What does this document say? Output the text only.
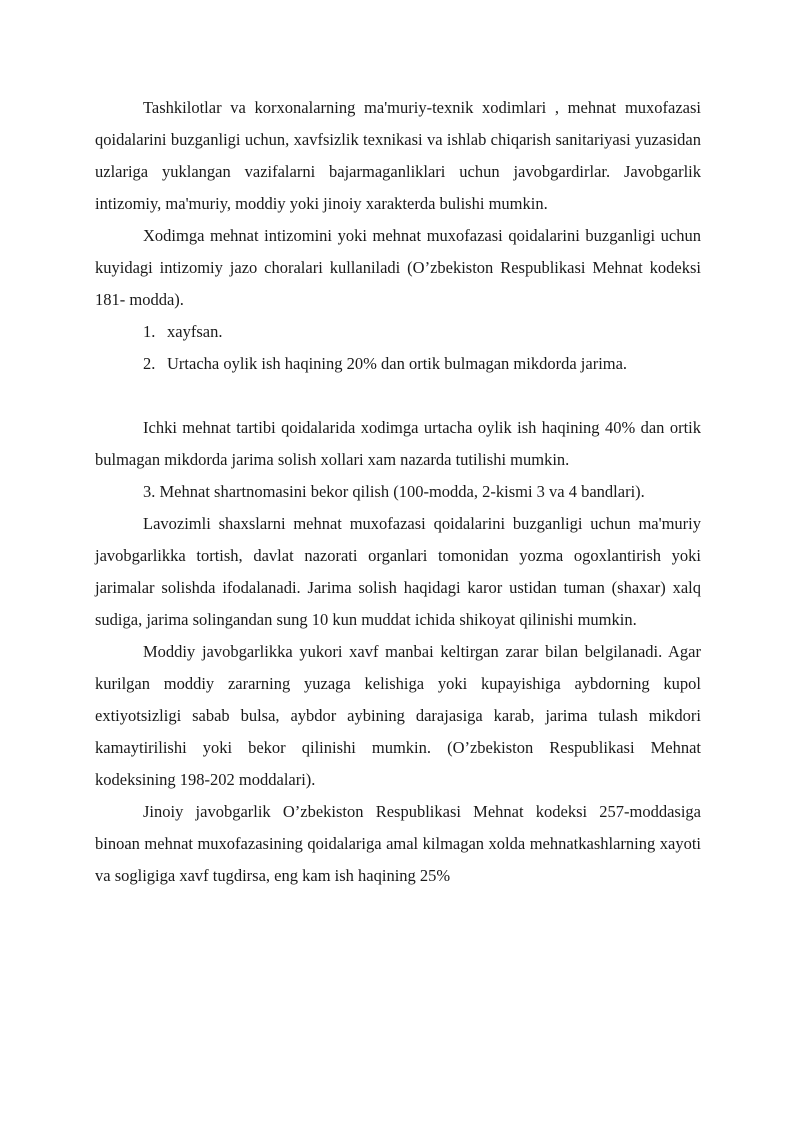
Tashkilotlar va korxonalarning ma'muriy-texnik xodimlari , mehnat muxofazasi qoidalarini buzganligi uchun, xavfsizlik texnikasi va ishlab chiqarish sanitariyasi yuzasidan uzlariga yuklangan vazifalarni bajarmaganliklari uchun javobgardirlar. Javobgarlik intizomiy, ma'muriy, moddiy yoki jinoiy xarakterda bulishi mumkin.

Xodimga mehnat intizomini yoki mehnat muxofazasi qoidalarini buzganligi uchun kuyidagi intizomiy jazo choralari kullaniladi (O’zbekiston Respublikasi Mehnat kodeksi 181- modda).

1. xayfsan.
2. Urtacha oylik ish haqining 20% dan ortik bulmagan mikdorda jarima.

Ichki mehnat tartibi qoidalarida xodimga urtacha oylik ish haqining 40% dan ortik bulmagan mikdorda jarima solish xollari xam nazarda tutilishi mumkin.

3. Mehnat shartnomasini bekor qilish (100-modda, 2-kismi 3 va 4 bandlari).

Lavozimli shaxslarni mehnat muxofazasi qoidalarini buzganligi uchun ma'muriy javobgarlikka tortish, davlat nazorati organlari tomonidan yozma ogoxlantirish yoki jarimalar solishda ifodalanadi. Jarima solish haqidagi karor ustidan tuman (shaxar) xalq sudiga, jarima solingandan sung 10 kun muddat ichida shikoyat qilinishi mumkin.

Moddiy javobgarlikka yukori xavf manbai keltirgan zarar bilan belgilanadi. Agar kurilgan moddiy zararning yuzaga kelishiga yoki kupayishiga aybdorning kupol extiyotsizligi sabab bulsa, aybdor aybining darajasiga karab, jarima tulash mikdori kamaytirilishi yoki bekor qilinishi mumkin. (O’zbekiston Respublikasi Mehnat kodeksining 198-202 moddalari).

Jinoiy javobgarlik O’zbekiston Respublikasi Mehnat kodeksi 257-moddasiga binoan mehnat muxofazasining qoidalariga amal kilmagan xolda mehnatkashlarning xayoti va sogligiga xavf tugdirsa, eng kam ish haqining 25%
